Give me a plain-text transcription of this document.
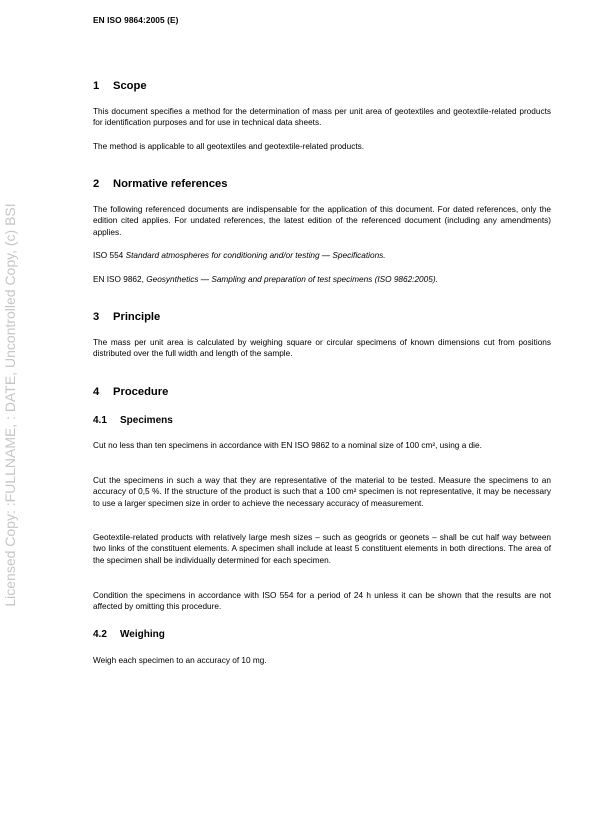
EN ISO 9864:2005 (E)
Licensed Copy: :FULLNAME, : DATE, Uncontrolled Copy, (c) BSI
1 Scope
This document specifies a method for the determination of mass per unit area of geotextiles and geotextile-related products for identification purposes and for use in technical data sheets.
The method is applicable to all geotextiles and geotextile-related products.
2 Normative references
The following referenced documents are indispensable for the application of this document. For dated references, only the edition cited applies. For undated references, the latest edition of the referenced document (including any amendments) applies.
ISO 554 Standard atmospheres for conditioning and/or testing — Specifications.
EN ISO 9862, Geosynthetics — Sampling and preparation of test specimens (ISO 9862:2005).
3 Principle
The mass per unit area is calculated by weighing square or circular specimens of known dimensions cut from positions distributed over the full width and length of the sample.
4 Procedure
4.1 Specimens
Cut no less than ten specimens in accordance with EN ISO 9862 to a nominal size of 100 cm², using a die.
Cut the specimens in such a way that they are representative of the material to be tested. Measure the specimens to an accuracy of 0,5 %. If the structure of the product is such that a 100 cm² specimen is not representative, it may be necessary to use a larger specimen size in order to achieve the necessary accuracy of measurement.
Geotextile-related products with relatively large mesh sizes – such as geogrids or geonets – shall be cut half way between two links of the constituent elements. A specimen shall include at least 5 constituent elements in both directions. The area of the specimen shall be individually determined for each specimen.
Condition the specimens in accordance with ISO 554 for a period of 24 h unless it can be shown that the results are not affected by omitting this procedure.
4.2 Weighing
Weigh each specimen to an accuracy of 10 mg.
